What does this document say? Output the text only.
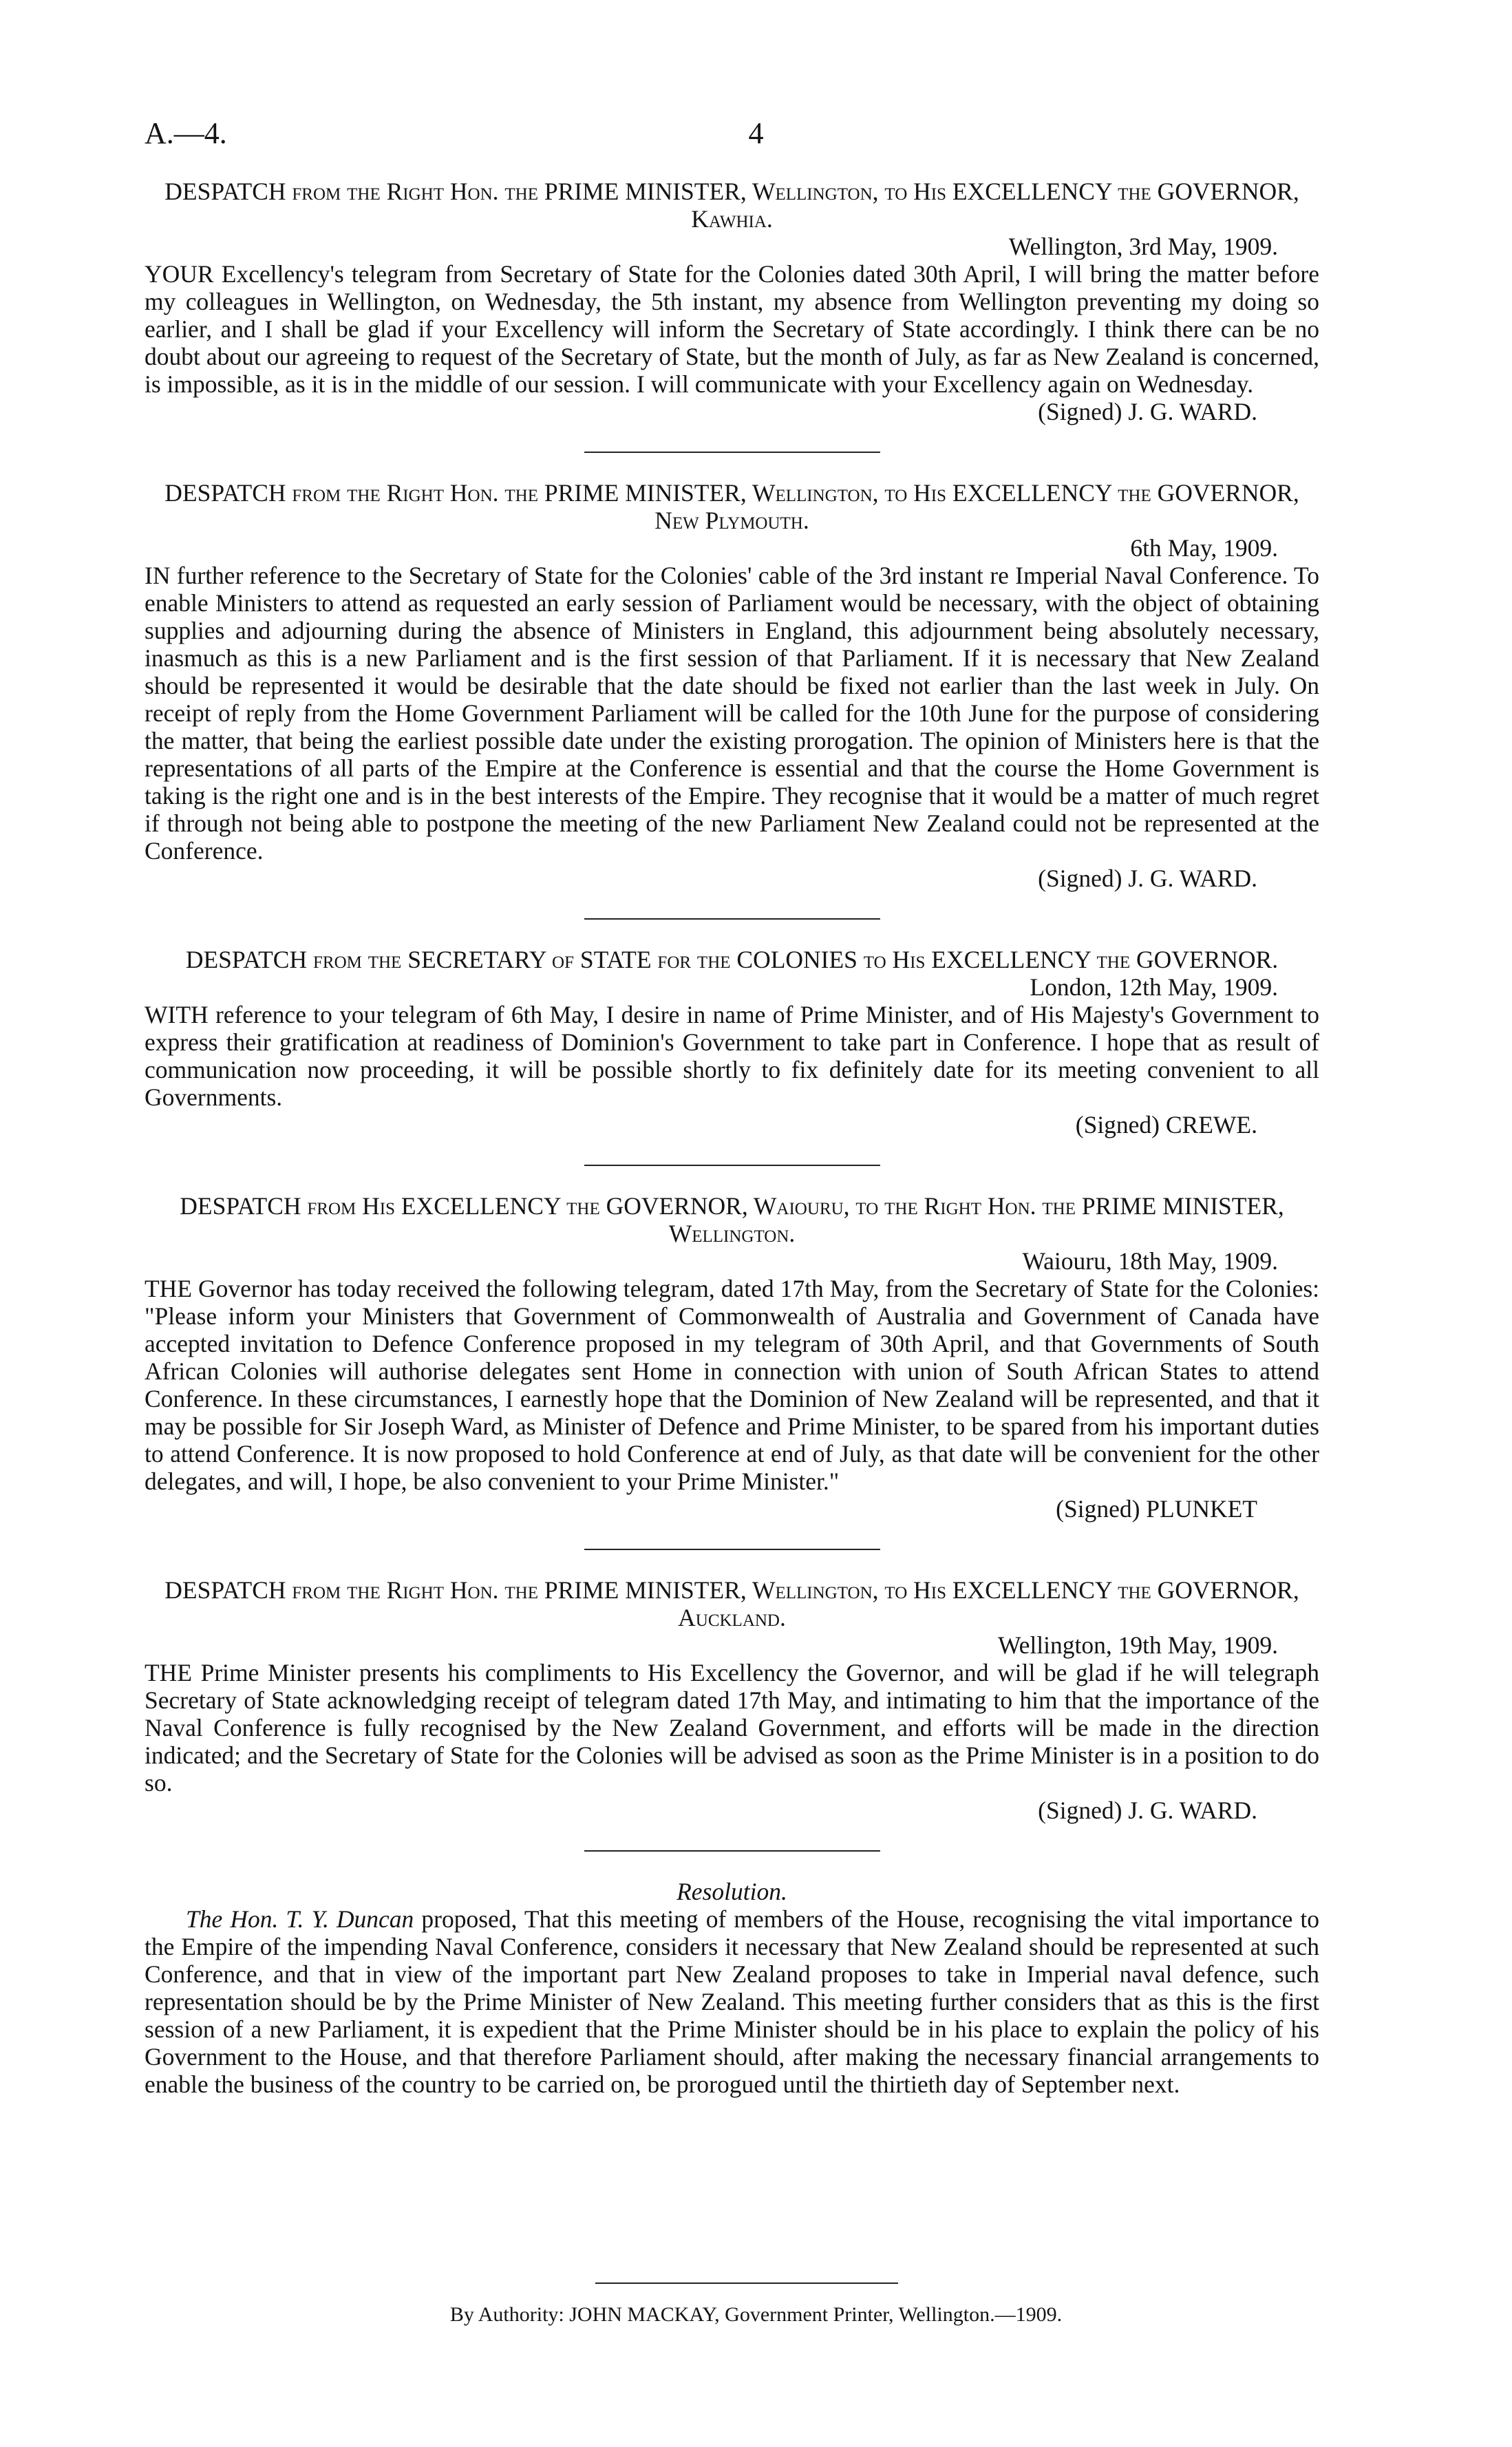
A.—4.	4

DESPATCH from the Right Hon. the PRIME MINISTER, Wellington, to His EXCELLENCY the GOVERNOR, Kawhia.

Wellington, 3rd May, 1909.

YOUR Excellency's telegram from Secretary of State for the Colonies dated 30th April, I will bring the matter before my colleagues in Wellington, on Wednesday, the 5th instant, my absence from Wellington preventing my doing so earlier, and I shall be glad if your Excellency will inform the Secretary of State accordingly. I think there can be no doubt about our agreeing to request of the Secretary of State, but the month of July, as far as New Zealand is concerned, is impossible, as it is in the middle of our session. I will communicate with your Excellency again on Wednesday.

(Signed) J. G. WARD.

DESPATCH from the Right Hon. the PRIME MINISTER, Wellington, to His EXCELLENCY the GOVERNOR, New Plymouth.

6th May, 1909.

IN further reference to the Secretary of State for the Colonies' cable of the 3rd instant re Imperial Naval Conference. To enable Ministers to attend as requested an early session of Parliament would be necessary, with the object of obtaining supplies and adjourning during the absence of Ministers in England, this adjournment being absolutely necessary, inasmuch as this is a new Parliament and is the first session of that Parliament. If it is necessary that New Zealand should be represented it would be desirable that the date should be fixed not earlier than the last week in July. On receipt of reply from the Home Government Parliament will be called for the 10th June for the purpose of considering the matter, that being the earliest possible date under the existing prorogation. The opinion of Ministers here is that the representations of all parts of the Empire at the Conference is essential and that the course the Home Government is taking is the right one and is in the best interests of the Empire. They recognise that it would be a matter of much regret if through not being able to postpone the meeting of the new Parliament New Zealand could not be represented at the Conference.

(Signed) J. G. WARD.

DESPATCH from the SECRETARY of STATE for the COLONIES to His EXCELLENCY the GOVERNOR.

London, 12th May, 1909.

WITH reference to your telegram of 6th May, I desire in name of Prime Minister, and of His Majesty's Government to express their gratification at readiness of Dominion's Government to take part in Conference. I hope that as result of communication now proceeding, it will be possible shortly to fix definitely date for its meeting convenient to all Governments.

(Signed) CREWE.

DESPATCH from His EXCELLENCY the GOVERNOR, Waiouru, to the Right Hon. the PRIME MINISTER, Wellington.

Waiouru, 18th May, 1909.

THE Governor has today received the following telegram, dated 17th May, from the Secretary of State for the Colonies: "Please inform your Ministers that Government of Commonwealth of Australia and Government of Canada have accepted invitation to Defence Conference proposed in my telegram of 30th April, and that Governments of South African Colonies will authorise delegates sent Home in connection with union of South African States to attend Conference. In these circumstances, I earnestly hope that the Dominion of New Zealand will be represented, and that it may be possible for Sir Joseph Ward, as Minister of Defence and Prime Minister, to be spared from his important duties to attend Conference. It is now proposed to hold Conference at end of July, as that date will be convenient for the other delegates, and will, I hope, be also convenient to your Prime Minister."

(Signed) PLUNKET

DESPATCH from the Right Hon. the PRIME MINISTER, Wellington, to His EXCELLENCY the GOVERNOR, Auckland.

Wellington, 19th May, 1909.

THE Prime Minister presents his compliments to His Excellency the Governor, and will be glad if he will telegraph Secretary of State acknowledging receipt of telegram dated 17th May, and intimating to him that the importance of the Naval Conference is fully recognised by the New Zealand Government, and efforts will be made in the direction indicated; and the Secretary of State for the Colonies will be advised as soon as the Prime Minister is in a position to do so.

(Signed) J. G. WARD.

Resolution.

The Hon. T. Y. Duncan proposed, That this meeting of members of the House, recognising the vital importance to the Empire of the impending Naval Conference, considers it necessary that New Zealand should be represented at such Conference, and that in view of the important part New Zealand proposes to take in Imperial naval defence, such representation should be by the Prime Minister of New Zealand. This meeting further considers that as this is the first session of a new Parliament, it is expedient that the Prime Minister should be in his place to explain the policy of his Government to the House, and that therefore Parliament should, after making the necessary financial arrangements to enable the business of the country to be carried on, be prorogued until the thirtieth day of September next.

By Authority: JOHN MACKAY, Government Printer, Wellington.—1909.
